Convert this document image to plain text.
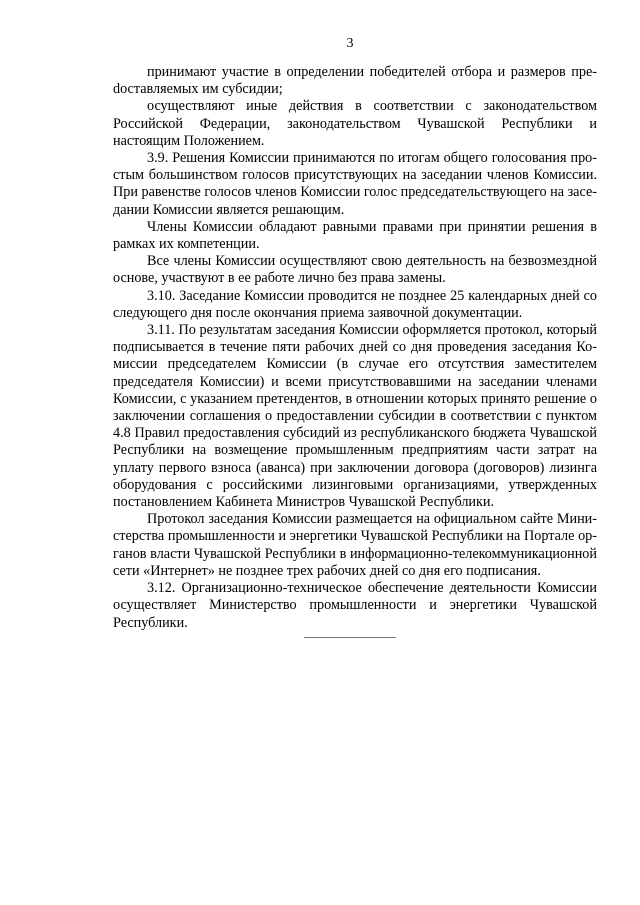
3

принимают участие в определении победителей отбора и размеров преdоставляемых им субсидии;

осуществляют иные действия в соответствии с законодательством Российской Федерации, законодательством Чувашской Республики и настоящим Положением.

3.9. Решения Комиссии принимаются по итогам общего голосования простым большинством голосов присутствующих на заседании членов Комиссии. При равенстве голосов членов Комиссии голос председательствующего на заседании Комиссии является решающим.

Члены Комиссии обладают равными правами при принятии решения в рамках их компетенции.

Все члены Комиссии осуществляют свою деятельность на безвозмездной основе, участвуют в ее работе лично без права замены.

3.10. Заседание Комиссии проводится не позднее 25 календарных дней со следующего дня после окончания приема заявочной документации.

3.11. По результатам заседания Комиссии оформляется протокол, который подписывается в течение пяти рабочих дней со дня проведения заседания Комиссии председателем Комиссии (в случае его отсутствия заместителем председателя Комиссии) и всеми присутствовавшими на заседании членами Комиссии, с указанием претендентов, в отношении которых принято решение о заключении соглашения о предоставлении субсидии в соответствии с пунктом 4.8 Правил предоставления субсидий из республиканского бюджета Чувашской Республики на возмещение промышленным предприятиям части затрат на уплату первого взноса (аванса) при заключении договора (договоров) лизинга оборудования с российскими лизинговыми организациями, утвержденных постановлением Кабинета Министров Чувашской Республики.

Протокол заседания Комиссии размещается на официальном сайте Министерства промышленности и энергетики Чувашской Республики на Портале органов власти Чувашской Республики в информационно-телекоммуникационной сети «Интернет» не позднее трех рабочих дней со дня его подписания.

3.12. Организационно-техническое обеспечение деятельности Комиссии осуществляет Министерство промышленности и энергетики Чувашской Республики.
